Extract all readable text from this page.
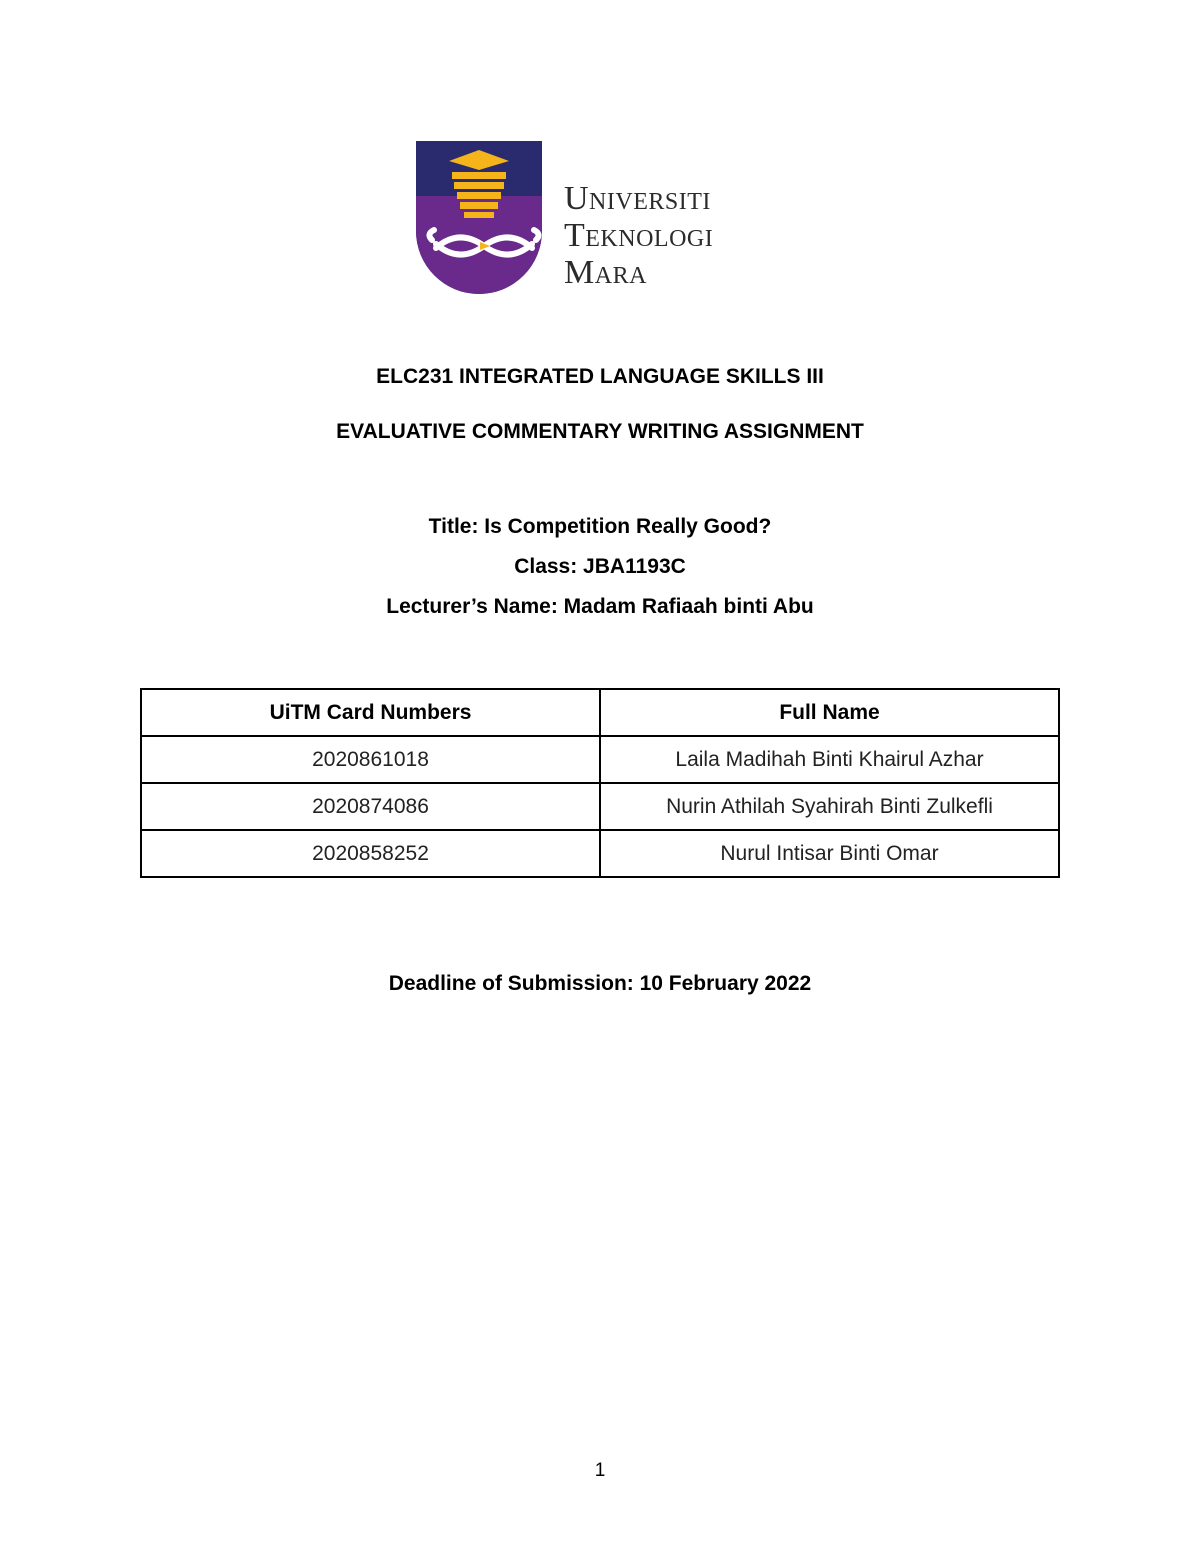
Universiti
Teknologi
Mara
ELC231 INTEGRATED LANGUAGE SKILLS III
EVALUATIVE COMMENTARY WRITING ASSIGNMENT
Title: Is Competition Really Good?
Class: JBA1193C
Lecturer’s Name: Madam Rafiaah binti Abu
UiTM Card Numbers	Full Name
2020861018	Laila Madihah Binti Khairul Azhar
2020874086	Nurin Athilah Syahirah Binti Zulkefli
2020858252	Nurul Intisar Binti Omar
Deadline of Submission: 10 February 2022
1
